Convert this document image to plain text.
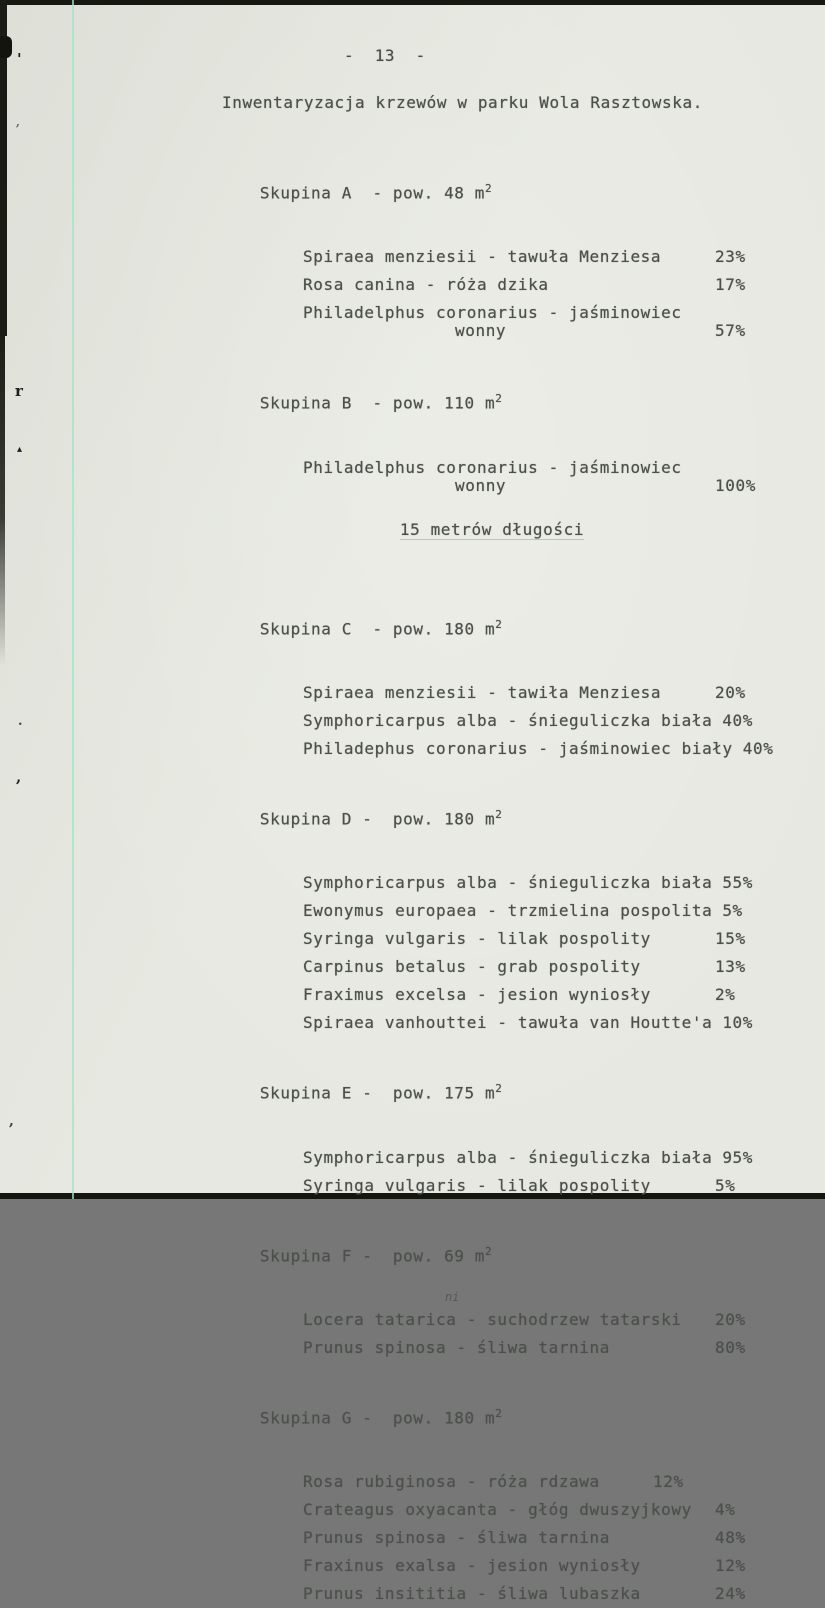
'
,
r
▴
.
,
,
-  13  -
Inwentaryzacja krzewów w parku Wola Rasztowska.

Skupina A  - pow. 48 $m^2$

Spiraea menziesii - tawuła Menziesa	23%
Rosa canina - róża dzika	17%
Philadelphus coronarius - jaśminowiec
wonny	57%

Skupina B  - pow. 110 $m^2$

Philadelphus coronarius - jaśminowiec
wonny	100%

15 metrów długości

Skupina C  - pow. 180 $m^2$

Spiraea menziesii - tawiła Menziesa	20%
Symphoricarpus alba - śnieguliczka biała 40%
Philadephus coronarius - jaśminowiec biały 40%

Skupina D -  pow. 180 $m^2$

Symphoricarpus alba - śnieguliczka biała 55%
Ewonymus europaea - trzmielina pospolita 5%
Syringa vulgaris - lilak pospolity	15%
Carpinus betalus - grab pospolity	13%
Fraximus excelsa - jesion wyniosły	2%
Spiraea vanhouttei - tawuła van Houtte'a 10%

Skupina E -  pow. 175 $m^2$

Symphoricarpus alba - śnieguliczka biała 95%
Syringa vulgaris - lilak pospolity	5%

Skupina F -  pow. 69 $m^2$

ni
Locera tatarica - suchodrzew tatarski	20%
Prunus spinosa - śliwa tarnina	80%

Skupina G -  pow. 180 $m^2$

Rosa rubiginosa - róża rdzawa	12%
Crateagus oxyacanta - głóg dwuszyjkowy	4%
Prunus spinosa - śliwa tarnina	48%
Fraxinus exalsa - jesion wyniosły	12%
Prunus insititia - śliwa lubaszka	24%
